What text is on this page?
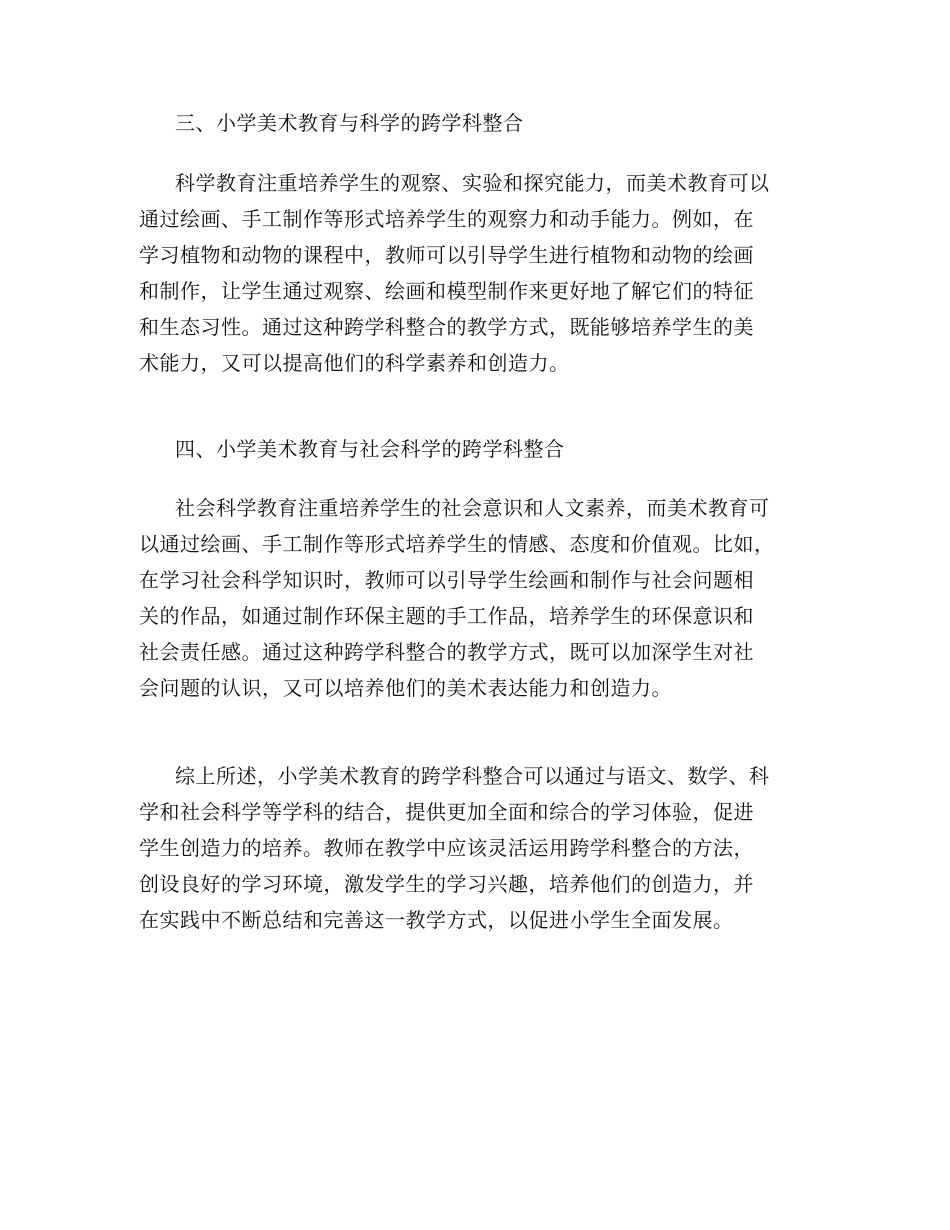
三、小学美术教育与科学的跨学科整合
科学教育注重培养学生的观察、实验和探究能力，而美术教育可以
通过绘画、手工制作等形式培养学生的观察力和动手能力。例如，在
学习植物和动物的课程中，教师可以引导学生进行植物和动物的绘画
和制作，让学生通过观察、绘画和模型制作来更好地了解它们的特征
和生态习性。通过这种跨学科整合的教学方式，既能够培养学生的美
术能力，又可以提高他们的科学素养和创造力。
四、小学美术教育与社会科学的跨学科整合
社会科学教育注重培养学生的社会意识和人文素养，而美术教育可
以通过绘画、手工制作等形式培养学生的情感、态度和价值观。比如，
在学习社会科学知识时，教师可以引导学生绘画和制作与社会问题相
关的作品，如通过制作环保主题的手工作品，培养学生的环保意识和
社会责任感。通过这种跨学科整合的教学方式，既可以加深学生对社
会问题的认识，又可以培养他们的美术表达能力和创造力。
综上所述，小学美术教育的跨学科整合可以通过与语文、数学、科
学和社会科学等学科的结合，提供更加全面和综合的学习体验，促进
学生创造力的培养。教师在教学中应该灵活运用跨学科整合的方法，
创设良好的学习环境，激发学生的学习兴趣，培养他们的创造力，并
在实践中不断总结和完善这一教学方式，以促进小学生全面发展。
